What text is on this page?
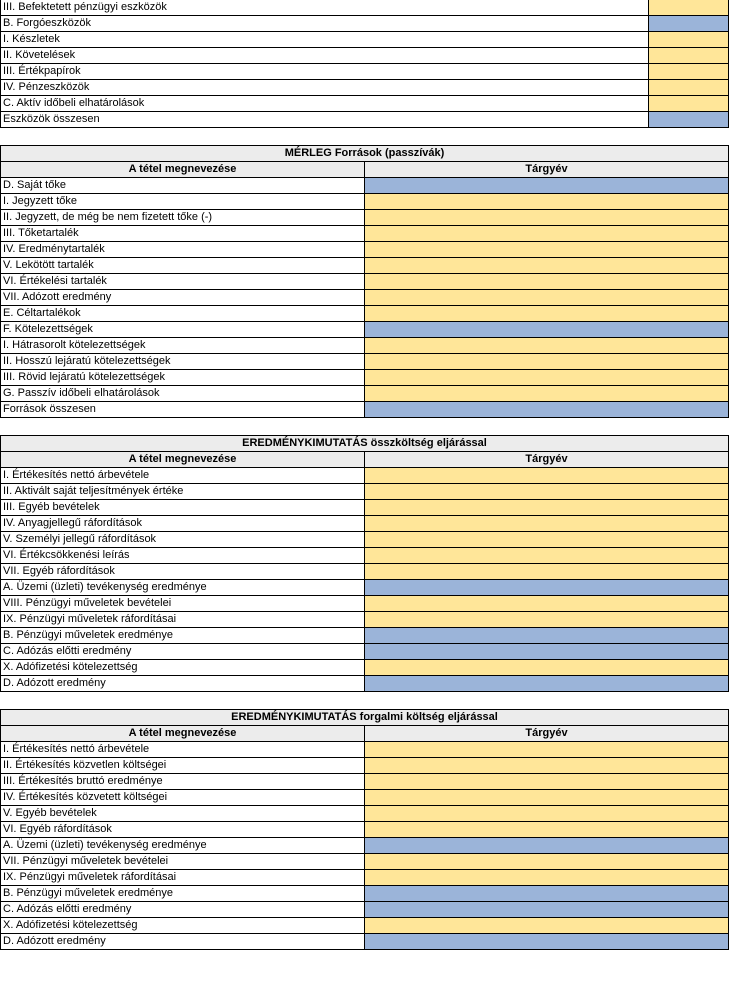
III. Befektetett pénzügyi eszközök	
B. Forgóeszközök	
I. Készletek	
II. Követelések	
III. Értékpapírok	
IV. Pénzeszközök	
C. Aktív időbeli elhatárolások	
Eszközök összesen	
MÉRLEG Források (passzívák)	
A tétel megnevezése	Tárgyév
D. Saját tőke	
I. Jegyzett tőke	
II. Jegyzett, de még be nem fizetett tőke (-)	
III. Tőketartalék	
IV. Eredménytartalék	
V. Lekötött tartalék	
VI. Értékelési tartalék	
VII. Adózott eredmény	
E. Céltartalékok	
F. Kötelezettségek	
I. Hátrasorolt kötelezettségek	
II. Hosszú lejáratú kötelezettségek	
III. Rövid lejáratú kötelezettségek	
G. Passzív időbeli elhatárolások	
Források összesen	
EREDMÉNYKIMUTATÁS összköltség eljárással	
A tétel megnevezése	Tárgyév
I. Értékesítés nettó árbevétele	
II. Aktivált saját teljesítmények értéke	
III. Egyéb bevételek	
IV. Anyagjellegű ráfordítások	
V. Személyi jellegű ráfordítások	
VI. Értékcsökkenési leírás	
VII. Egyéb ráfordítások	
A. Üzemi (üzleti) tevékenység eredménye	
VIII. Pénzügyi műveletek bevételei	
IX. Pénzügyi műveletek ráfordításai	
B. Pénzügyi műveletek eredménye	
C. Adózás előtti eredmény	
X. Adófizetési kötelezettség	
D. Adózott eredmény	
EREDMÉNYKIMUTATÁS forgalmi költség eljárással	
A tétel megnevezése	Tárgyév
I. Értékesítés nettó árbevétele	
II. Értékesítés közvetlen költségei	
III. Értékesítés bruttó eredménye	
IV. Értékesítés közvetett költségei	
V. Egyéb bevételek	
VI. Egyéb ráfordítások	
A. Üzemi (üzleti) tevékenység eredménye	
VII. Pénzügyi műveletek bevételei	
IX. Pénzügyi műveletek ráfordításai	
B. Pénzügyi műveletek eredménye	
C. Adózás előtti eredmény	
X. Adófizetési kötelezettség	
D. Adózott eredmény	
